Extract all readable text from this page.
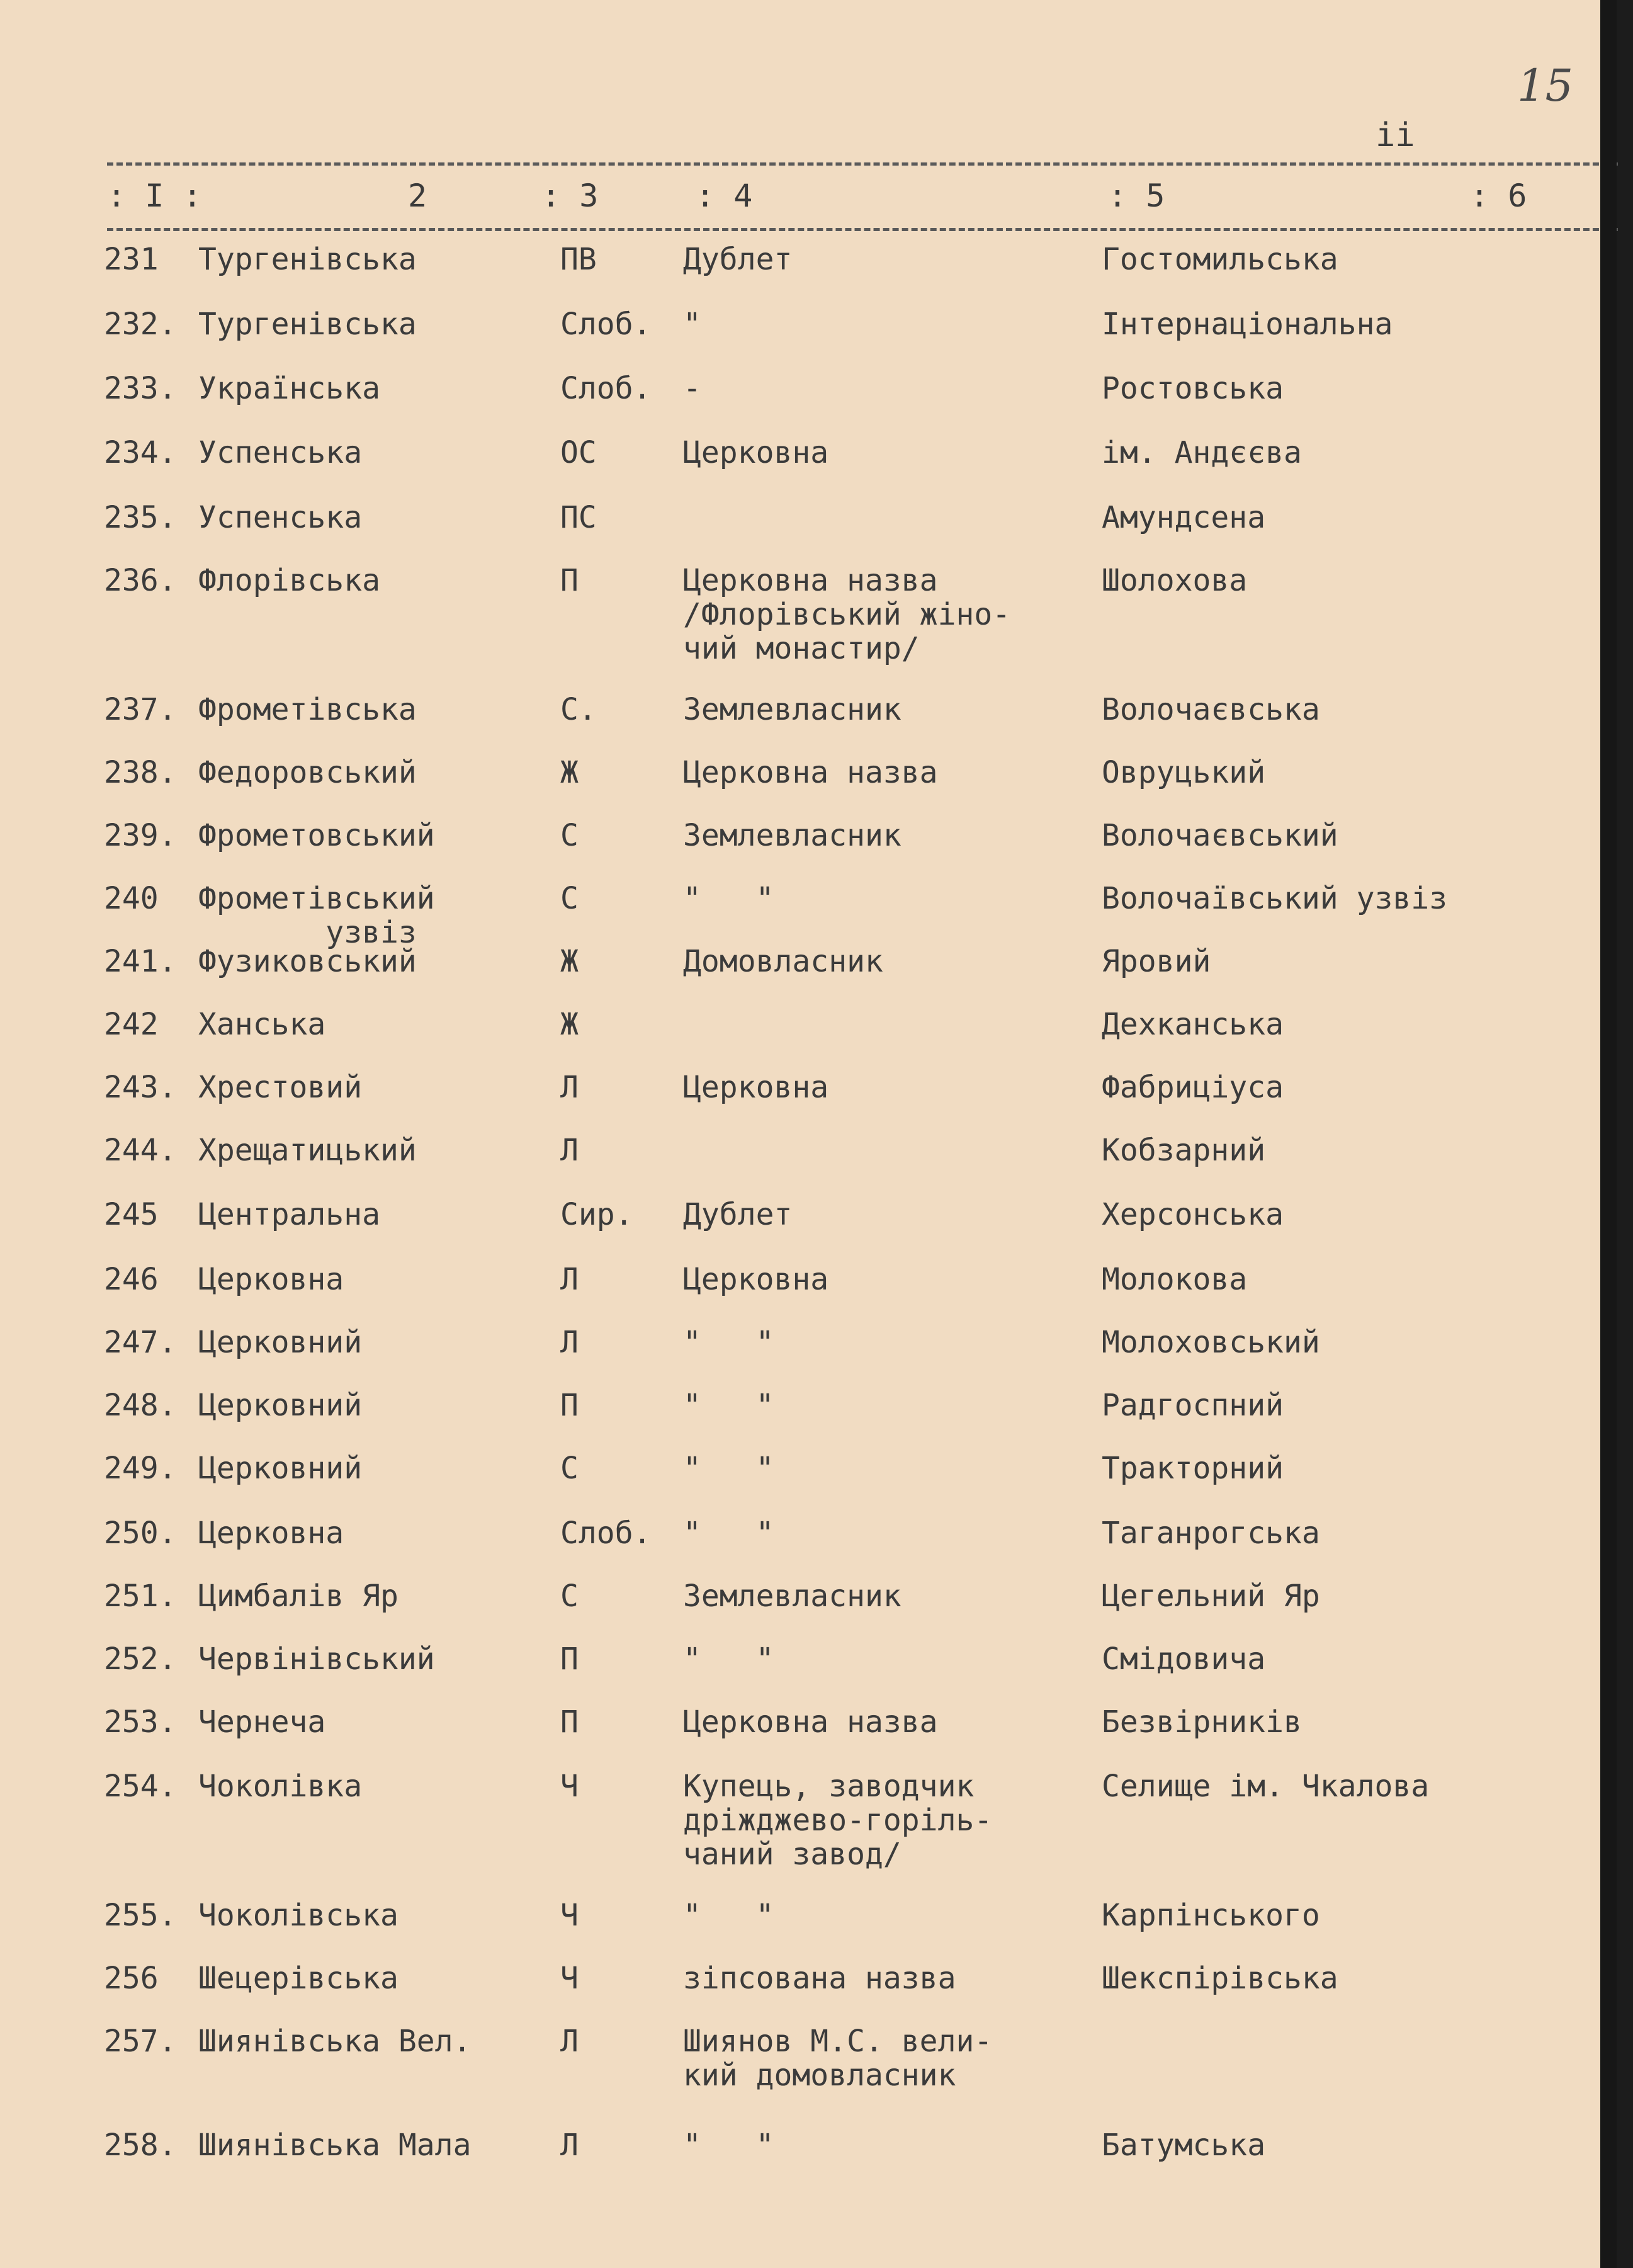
15
ii
: І :	2	: 3	: 4	: 5	: 6
231 Тургенівська	ПВ	Дублет	Гостомильська
232. Тургенівська	Слоб. "	Інтернаціональна
233. Українська	Слоб. -	Ростовська
234. Успенська	ОС	Церковна	ім. Андєєва
235. Успенська	ПС	Амундсена
236. Флорівська	П	Церковна назва
/Флорівський жіно-
чий монастир/
Шолохова
237. Фрометівська	С.	Землевласник	Волочаєвська
238. Федоровський	Ж	Церковна назва	Овруцький
239. Фрометовський	С	Землевласник	Волочаєвський
240 Фрометівський
узвіз
С	"   "	Волочаївський узвіз
241. Фузиковський	Ж	Домовласник	Яровий
242 Ханська	Ж	Дехканська
243. Хрестовий	Л	Церковна	Фабриціуса
244. Хрещатицький	Л	Кобзарний
245 Центральна	Сир. Дублет	Херсонська
246 Церковна	Л	Церковна	Молокова
247. Церковний	Л	"   "	Молоховський
248. Церковний	П	"   "	Радгоспний
249. Церковний	С	"   "	Тракторний
250. Церковна	Слоб. "   "	Таганрогська
251. Цимбалів Яр	С	Землевласник	Цегельний Яр
252. Червінівський	П	"   "	Смідовича
253. Чернеча	П	Церковна назва	Безвірників
254. Чоколівка	Ч	Купець, заводчик
дріжджево-горіль-
чаний завод/
Селище ім. Чкалова
255. Чоколівська	Ч	"   "	Карпінського
256 Шецерівська	Ч	зіпсована назва	Шекспірівська
257. Шиянівська Вел.	Л	Шиянов М.С. вели-
кий домовласник
258. Шиянівська Мала	Л	"   "	Батумська
